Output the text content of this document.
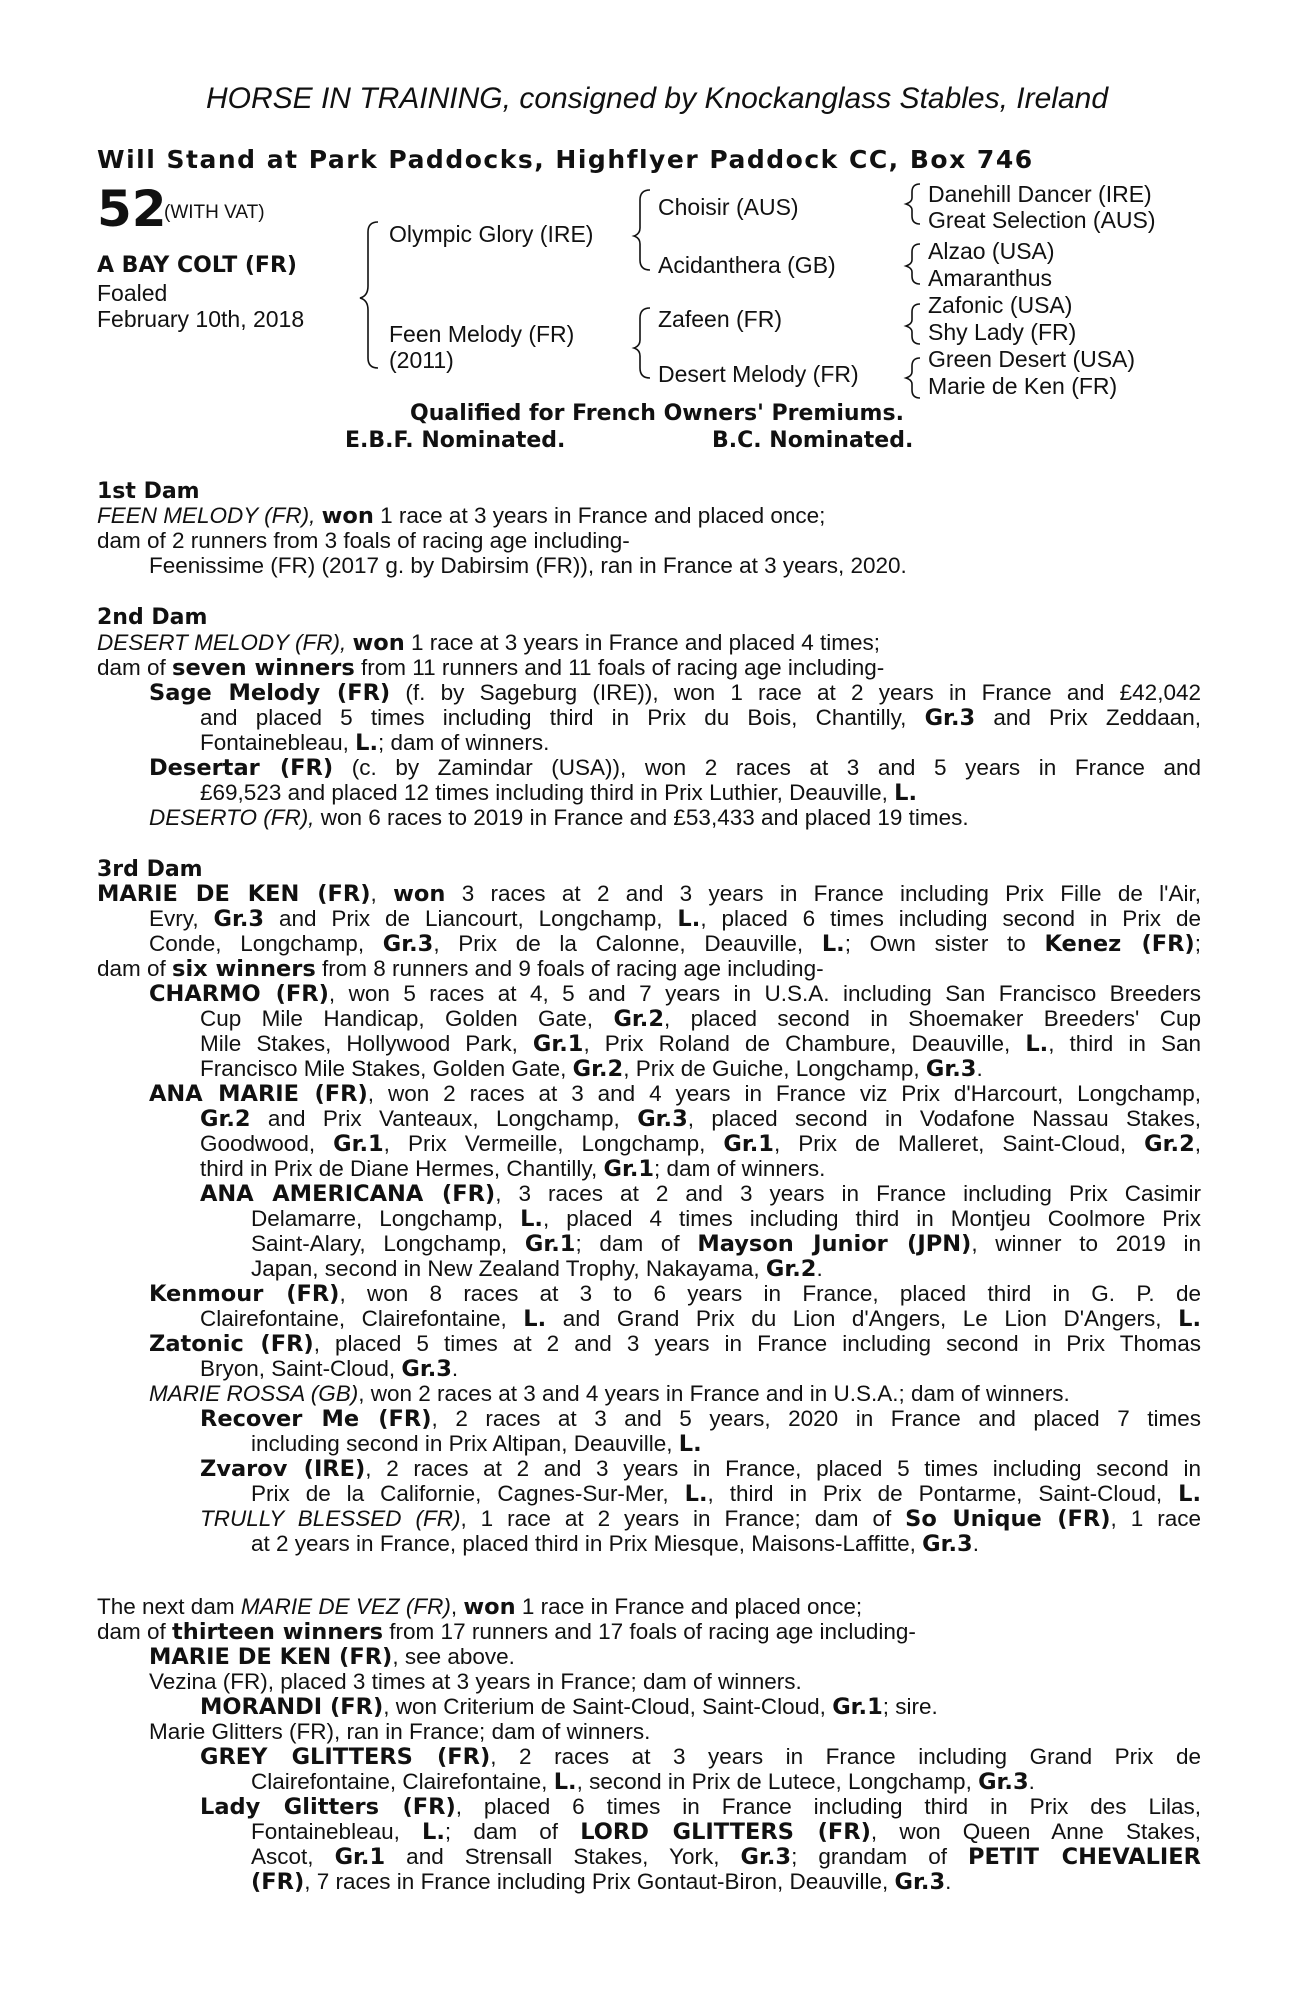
HORSE IN TRAINING, consigned by Knockanglass Stables, Ireland
Will Stand at Park Paddocks, Highflyer Paddock CC, Box 746
52
(WITH VAT)
A BAY COLT (FR)
Foaled
February 10th, 2018
Olympic Glory (IRE)
Feen Melody (FR)
(2011)
Choisir (AUS)
Acidanthera (GB)
Zafeen (FR)
Desert Melody (FR)
Danehill Dancer (IRE)
Great Selection (AUS)
Alzao (USA)
Amaranthus
Zafonic (USA)
Shy Lady (FR)
Green Desert (USA)
Marie de Ken (FR)
Qualified for French Owners' Premiums.
E.B.F. Nominated.	B.C. Nominated.
1st Dam
FEEN MELODY (FR), won 1 race at 3 years in France and placed once;
dam of 2 runners from 3 foals of racing age including-
Feenissime (FR) (2017 g. by Dabirsim (FR)), ran in France at 3 years, 2020.
2nd Dam
DESERT MELODY (FR), won 1 race at 3 years in France and placed 4 times;
dam of seven winners from 11 runners and 11 foals of racing age including-
Sage Melody (FR) (f. by Sageburg (IRE)), won 1 race at 2 years in France and £42,042
and placed 5 times including third in Prix du Bois, Chantilly, Gr.3 and Prix Zeddaan,
Fontainebleau, L.; dam of winners.
Desertar (FR) (c. by Zamindar (USA)), won 2 races at 3 and 5 years in France and
£69,523 and placed 12 times including third in Prix Luthier, Deauville, L.
DESERTO (FR), won 6 races to 2019 in France and £53,433 and placed 19 times.
3rd Dam
MARIE DE KEN (FR), won 3 races at 2 and 3 years in France including Prix Fille de l'Air,
Evry, Gr.3 and Prix de Liancourt, Longchamp, L., placed 6 times including second in Prix de
Conde, Longchamp, Gr.3, Prix de la Calonne, Deauville, L.; Own sister to Kenez (FR);
dam of six winners from 8 runners and 9 foals of racing age including-
CHARMO (FR), won 5 races at 4, 5 and 7 years in U.S.A. including San Francisco Breeders
Cup Mile Handicap, Golden Gate, Gr.2, placed second in Shoemaker Breeders' Cup
Mile Stakes, Hollywood Park, Gr.1, Prix Roland de Chambure, Deauville, L., third in San
Francisco Mile Stakes, Golden Gate, Gr.2, Prix de Guiche, Longchamp, Gr.3.
ANA MARIE (FR), won 2 races at 3 and 4 years in France viz Prix d'Harcourt, Longchamp,
Gr.2 and Prix Vanteaux, Longchamp, Gr.3, placed second in Vodafone Nassau Stakes,
Goodwood, Gr.1, Prix Vermeille, Longchamp, Gr.1, Prix de Malleret, Saint-Cloud, Gr.2,
third in Prix de Diane Hermes, Chantilly, Gr.1; dam of winners.
ANA AMERICANA (FR), 3 races at 2 and 3 years in France including Prix Casimir
Delamarre, Longchamp, L., placed 4 times including third in Montjeu Coolmore Prix
Saint-Alary, Longchamp, Gr.1; dam of Mayson Junior (JPN), winner to 2019 in
Japan, second in New Zealand Trophy, Nakayama, Gr.2.
Kenmour (FR), won 8 races at 3 to 6 years in France, placed third in G. P. de
Clairefontaine, Clairefontaine, L. and Grand Prix du Lion d'Angers, Le Lion D'Angers, L.
Zatonic (FR), placed 5 times at 2 and 3 years in France including second in Prix Thomas
Bryon, Saint-Cloud, Gr.3.
MARIE ROSSA (GB), won 2 races at 3 and 4 years in France and in U.S.A.; dam of winners.
Recover Me (FR), 2 races at 3 and 5 years, 2020 in France and placed 7 times
including second in Prix Altipan, Deauville, L.
Zvarov (IRE), 2 races at 2 and 3 years in France, placed 5 times including second in
Prix de la Californie, Cagnes-Sur-Mer, L., third in Prix de Pontarme, Saint-Cloud, L.
TRULLY BLESSED (FR), 1 race at 2 years in France; dam of So Unique (FR), 1 race
at 2 years in France, placed third in Prix Miesque, Maisons-Laffitte, Gr.3.
The next dam MARIE DE VEZ (FR), won 1 race in France and placed once;
dam of thirteen winners from 17 runners and 17 foals of racing age including-
MARIE DE KEN (FR), see above.
Vezina (FR), placed 3 times at 3 years in France; dam of winners.
MORANDI (FR), won Criterium de Saint-Cloud, Saint-Cloud, Gr.1; sire.
Marie Glitters (FR), ran in France; dam of winners.
GREY GLITTERS (FR), 2 races at 3 years in France including Grand Prix de
Clairefontaine, Clairefontaine, L., second in Prix de Lutece, Longchamp, Gr.3.
Lady Glitters (FR), placed 6 times in France including third in Prix des Lilas,
Fontainebleau, L.; dam of LORD GLITTERS (FR), won Queen Anne Stakes,
Ascot, Gr.1 and Strensall Stakes, York, Gr.3; grandam of PETIT CHEVALIER
(FR), 7 races in France including Prix Gontaut-Biron, Deauville, Gr.3.
